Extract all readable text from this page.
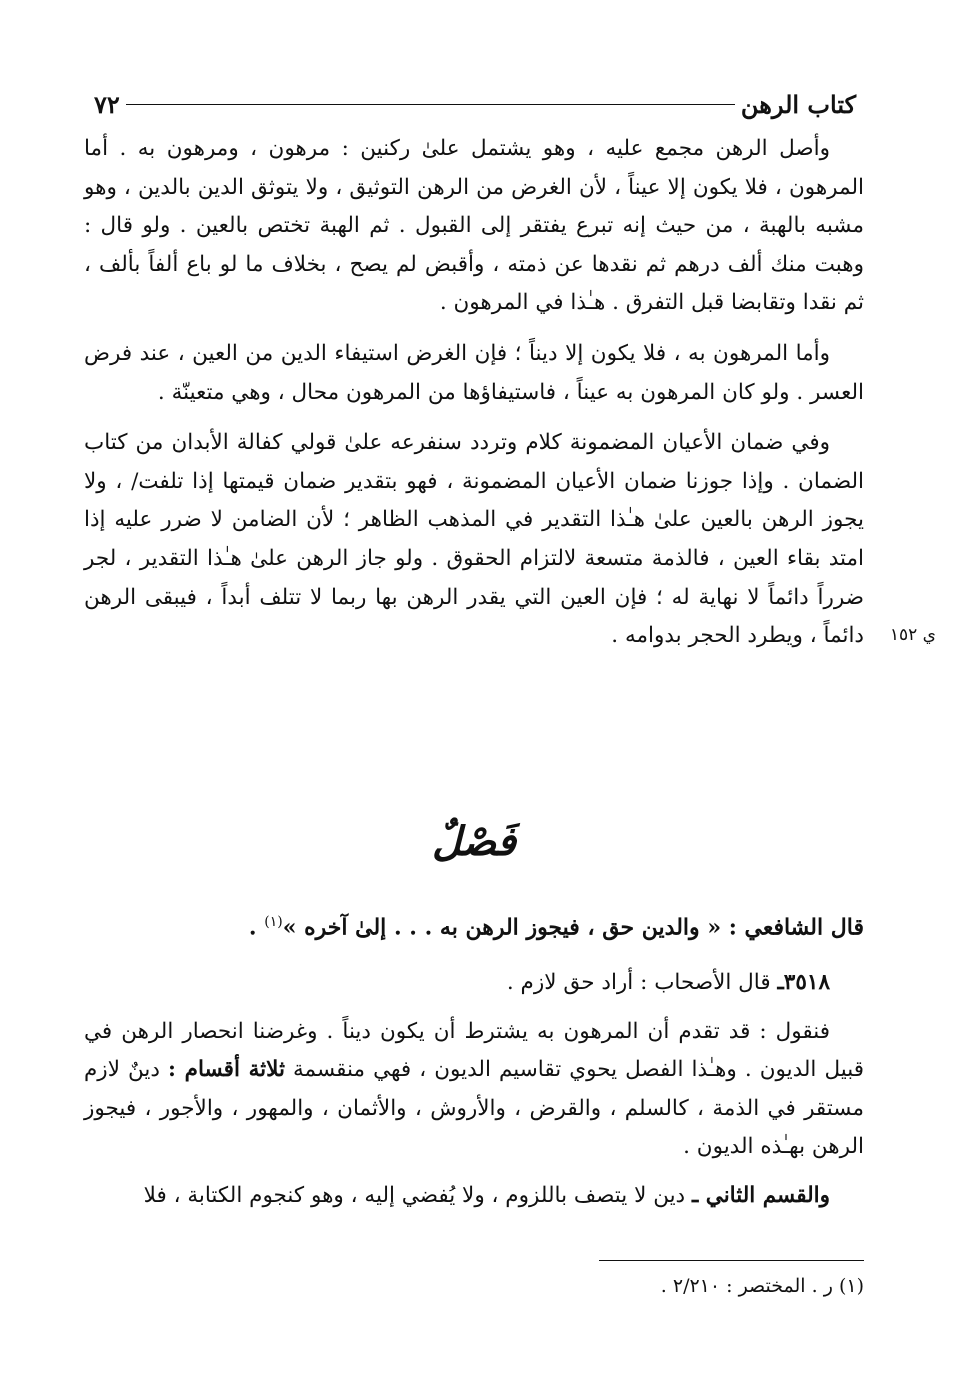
كتاب الرهن
٧٢

وأصل الرهن مجمع عليه ، وهو يشتمل علىٰ ركنين : مرهون ، ومرهون به . أما المرهون ، فلا يكون إلا عيناً ، لأن الغرض من الرهن التوثيق ، ولا يتوثق الدين بالدين ، وهو مشبه بالهبة ، من حيث إنه تبرع يفتقر إلى القبول . ثم الهبة تختص بالعين . ولو قال : وهبت منك ألف درهم ثم نقدها عن ذمته ، وأقبض لم يصح ، بخلاف ما لو باع ألفاً بألف ، ثم نقدا وتقابضا قبل التفرق . هـٰذا في المرهون .

وأما المرهون به ، فلا يكون إلا ديناً ؛ فإن الغرض استيفاء الدين من العين ، عند فرض العسر . ولو كان المرهون به عيناً ، فاستيفاؤها من المرهون محال ، وهي متعينّة .

وفي ضمان الأعيان المضمونة كلام وتردد سنفرعه علىٰ قولي كفالة الأبدان من كتاب الضمان . وإذا جوزنا ضمان الأعيان المضمونة ، فهو بتقدير ضمان قيمتها إذا تلفت/ ، ولا يجوز الرهن بالعين علىٰ هـٰذا التقدير في المذهب الظاهر ؛ لأن الضامن لا ضرر عليه إذا امتد بقاء العين ، فالذمة متسعة لالتزام الحقوق . ولو جاز الرهن علىٰ هـٰذا التقدير ، لجر ضرراً دائماً لا نهاية له ؛ فإن العين التي يقدر الرهن بها ربما لا تتلف أبداً ، فيبقى الرهن دائماً ، ويطرد الحجر بدوامه . ي ١٥٢
فَصْلٌ
قال الشافعي : « والدين حق ، فيجوز الرهن به . . . إلىٰ آخره »$^{(١)}$ .

٣٥١٨ـ قال الأصحاب : أراد حق لازم .

فنقول : قد تقدم أن المرهون به يشترط أن يكون ديناً . وغرضنا انحصار الرهن في قبيل الديون . وهـٰذا الفصل يحوي تقاسيم الديون ، فهي منقسمة ثلاثة أقسام : دينٌ لازم مستقر في الذمة ، كالسلم ، والقرض ، والأروش ، والأثمان ، والمهور ، والأجور ، فيجوز الرهن بهـٰذه الديون .

والقسم الثاني ـ دين لا يتصف باللزوم ، ولا يُفضي إليه ، وهو كنجوم الكتابة ، فلا

(١) ر . المختصر : ٢/٢١٠ .
